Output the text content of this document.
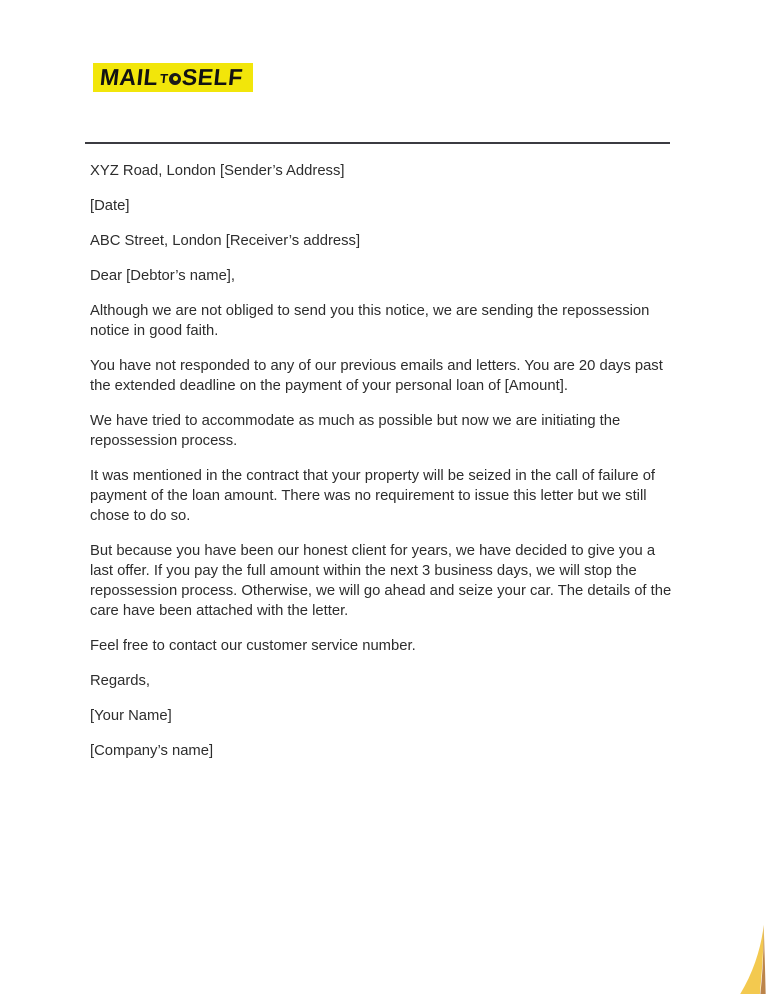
MAIL T SELF

XYZ Road, London [Sender’s Address]

[Date]

ABC Street, London [Receiver’s address]

Dear [Debtor’s name],

Although we are not obliged to send you this notice, we are sending the repossession notice in good faith.

You have not responded to any of our previous emails and letters. You are 20 days past the extended deadline on the payment of your personal loan of [Amount].

We have tried to accommodate as much as possible but now we are initiating the repossession process.

It was mentioned in the contract that your property will be seized in the call of failure of payment of the loan amount. There was no requirement to issue this letter but we still chose to do so.

But because you have been our honest client for years, we have decided to give you a last offer. If you pay the full amount within the next 3 business days, we will stop the repossession process. Otherwise, we will go ahead and seize your car. The details of the care have been attached with the letter.

Feel free to contact our customer service number.

Regards,

[Your Name]

[Company’s name]
